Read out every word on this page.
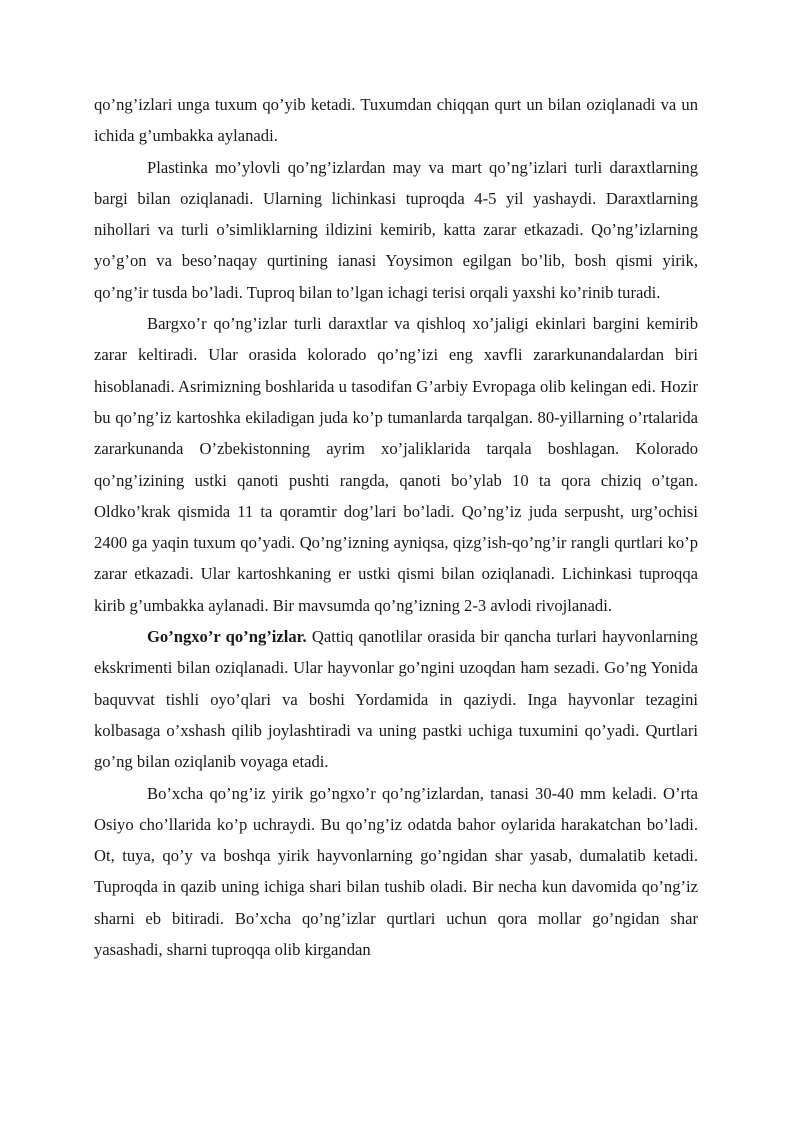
qo’ng’izlari unga tuxum qo’yib ketadi. Tuxumdan chiqqan qurt un bilan oziqlanadi va un ichida g’umbakka aylanadi.

Plastinka mo’ylovli qo’ng’izlardan may va mart qo’ng’izlari turli daraxtlarning bargi bilan oziqlanadi. Ularning lichinkasi tuproqda 4-5 yil yashaydi. Daraxtlarning nihollari va turli o’simliklarning ildizini kemirib, katta zarar etkazadi. Qo’ng’izlarning yo’g’on va beso’naqay qurtining ianasi Yoysimon egilgan bo’lib, bosh qismi yirik, qo’ng’ir tusda bo’ladi. Tuproq bilan to’lgan ichagi terisi orqali yaxshi ko’rinib turadi.

Bargxo’r qo’ng’izlar turli daraxtlar va qishloq xo’jaligi ekinlari bargini kemirib zarar keltiradi. Ular orasida kolorado qo’ng’izi eng xavfli zararkunandalardan biri hisoblanadi. Asrimizning boshlarida u tasodifan G’arbiy Evropaga olib kelingan edi. Hozir bu qo’ng’iz kartoshka ekiladigan juda ko’p tumanlarda tarqalgan. 80-yillarning o’rtalarida zararkunanda O’zbekistonning ayrim xo’jaliklarida tarqala boshlagan. Kolorado qo’ng’izining ustki qanoti pushti rangda, qanoti bo’ylab 10 ta qora chiziq o’tgan. Oldko’krak qismida 11 ta qoramtir dog’lari bo’ladi. Qo’ng’iz juda serpusht, urg’ochisi 2400 ga yaqin tuxum qo’yadi. Qo’ng’izning ayniqsa, qizg’ish-qo’ng’ir rangli qurtlari ko’p zarar etkazadi. Ular kartoshkaning er ustki qismi bilan oziqlanadi. Lichinkasi tuproqqa kirib g’umbakka aylanadi. Bir mavsumda qo’ng’izning 2-3 avlodi rivojlanadi.

Go’ngxo’r qo’ng’izlar. Qattiq qanotlilar orasida bir qancha turlari hayvonlarning ekskrimenti bilan oziqlanadi. Ular hayvonlar go’ngini uzoqdan ham sezadi. Go’ng Yonida baquvvat tishli oyo’qlari va boshi Yordamida in qaziydi. Inga hayvonlar tezagini kolbasaga o’xshash qilib joylashtiradi va uning pastki uchiga tuxumini qo’yadi. Qurtlari go’ng bilan oziqlanib voyaga etadi.

Bo’xcha qo’ng’iz yirik go’ngxo’r qo’ng’izlardan, tanasi 30-40 mm keladi. O’rta Osiyo cho’llarida ko’p uchraydi. Bu qo’ng’iz odatda bahor oylarida harakatchan bo’ladi. Ot, tuya, qo’y va boshqa yirik hayvonlarning go’ngidan shar yasab, dumalatib ketadi. Tuproqda in qazib uning ichiga shari bilan tushib oladi. Bir necha kun davomida qo’ng’iz sharni eb bitiradi. Bo’xcha qo’ng’izlar qurtlari uchun qora mollar go’ngidan shar yasashadi, sharni tuproqqa olib kirgandan
